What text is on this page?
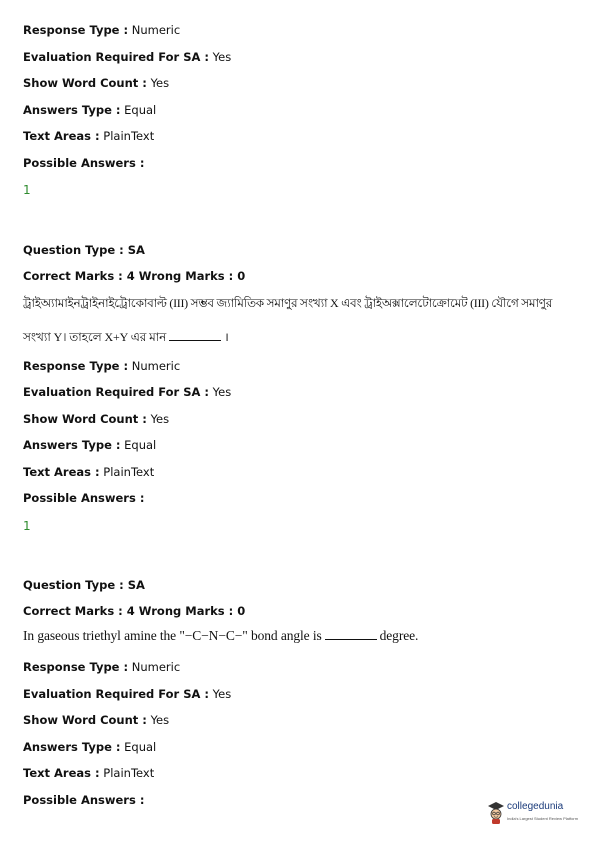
Response Type : Numeric
Evaluation Required For SA : Yes
Show Word Count : Yes
Answers Type : Equal
Text Areas : PlainText
Possible Answers :
1
Question Type : SA
Correct Marks : 4 Wrong Marks : 0
ট্রাইঅ্যামাইনট্রাইনাইট্রোকোবাল্ট (III) সম্ভব জ্যামিতিক সমাণুর সংখ্যা X এবং ট্রাইঅক্সালেটোক্রোমেট (III) যৌগে সমাণুর
সংখ্যা Y। তাহলে X+Y এর মান	।
Response Type : Numeric
Evaluation Required For SA : Yes
Show Word Count : Yes
Answers Type : Equal
Text Areas : PlainText
Possible Answers :
1
Question Type : SA
Correct Marks : 4 Wrong Marks : 0
In gaseous triethyl amine the "−C−N−C−" bond angle is	degree.
Response Type : Numeric
Evaluation Required For SA : Yes
Show Word Count : Yes
Answers Type : Equal
Text Areas : PlainText
Possible Answers :	collegedunia
India's Largest Student Review Platform
